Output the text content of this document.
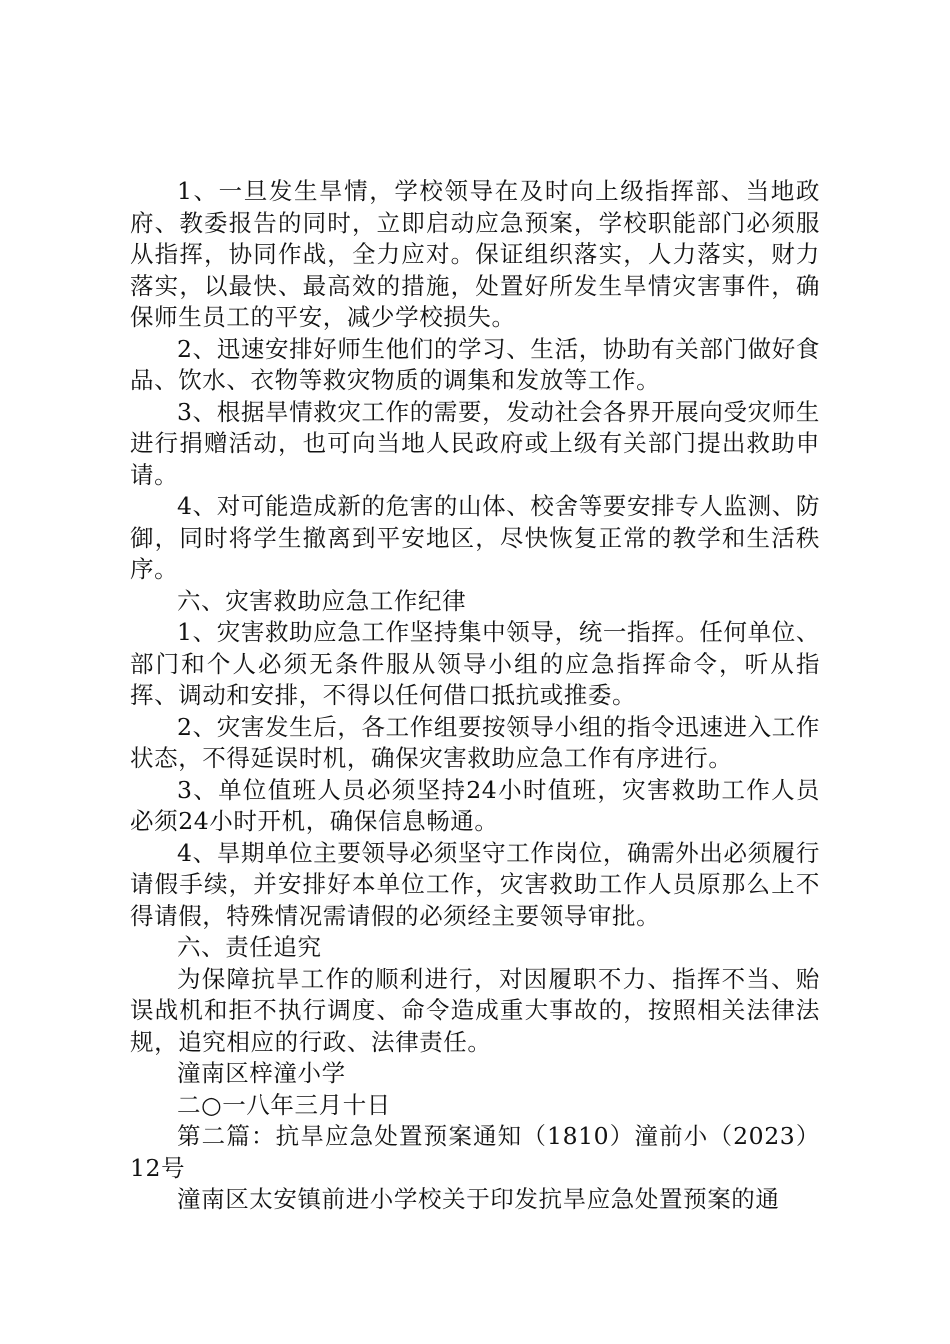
1、一旦发生旱情，学校领导在及时向上级指挥部、当地政府、教委报告的同时，立即启动应急预案，学校职能部门必须服从指挥，协同作战，全力应对。保证组织落实，人力落实，财力落实，以最快、最高效的措施，处置好所发生旱情灾害事件，确保师生员工的平安，减少学校损失。

2、迅速安排好师生他们的学习、生活，协助有关部门做好食品、饮水、衣物等救灾物质的调集和发放等工作。

3、根据旱情救灾工作的需要，发动社会各界开展向受灾师生进行捐赠活动，也可向当地人民政府或上级有关部门提出救助申请。

4、对可能造成新的危害的山体、校舍等要安排专人监测、防御，同时将学生撤离到平安地区，尽快恢复正常的教学和生活秩序。

六、灾害救助应急工作纪律

1、灾害救助应急工作坚持集中领导，统一指挥。任何单位、部门和个人必须无条件服从领导小组的应急指挥命令，听从指挥、调动和安排，不得以任何借口抵抗或推委。

2、灾害发生后，各工作组要按领导小组的指令迅速进入工作状态，不得延误时机，确保灾害救助应急工作有序进行。

3、单位值班人员必须坚持24小时值班，灾害救助工作人员必须24小时开机，确保信息畅通。

4、旱期单位主要领导必须坚守工作岗位，确需外出必须履行请假手续，并安排好本单位工作，灾害救助工作人员原那么上不得请假，特殊情况需请假的必须经主要领导审批。

六、责任追究

为保障抗旱工作的顺利进行，对因履职不力、指挥不当、贻误战机和拒不执行调度、命令造成重大事故的，按照相关法律法规，追究相应的行政、法律责任。

潼南区梓潼小学

二○一八年三月十日

第二篇：抗旱应急处置预案通知（1810）潼前小（2023）12号

潼南区太安镇前进小学校关于印发抗旱应急处置预案的通
